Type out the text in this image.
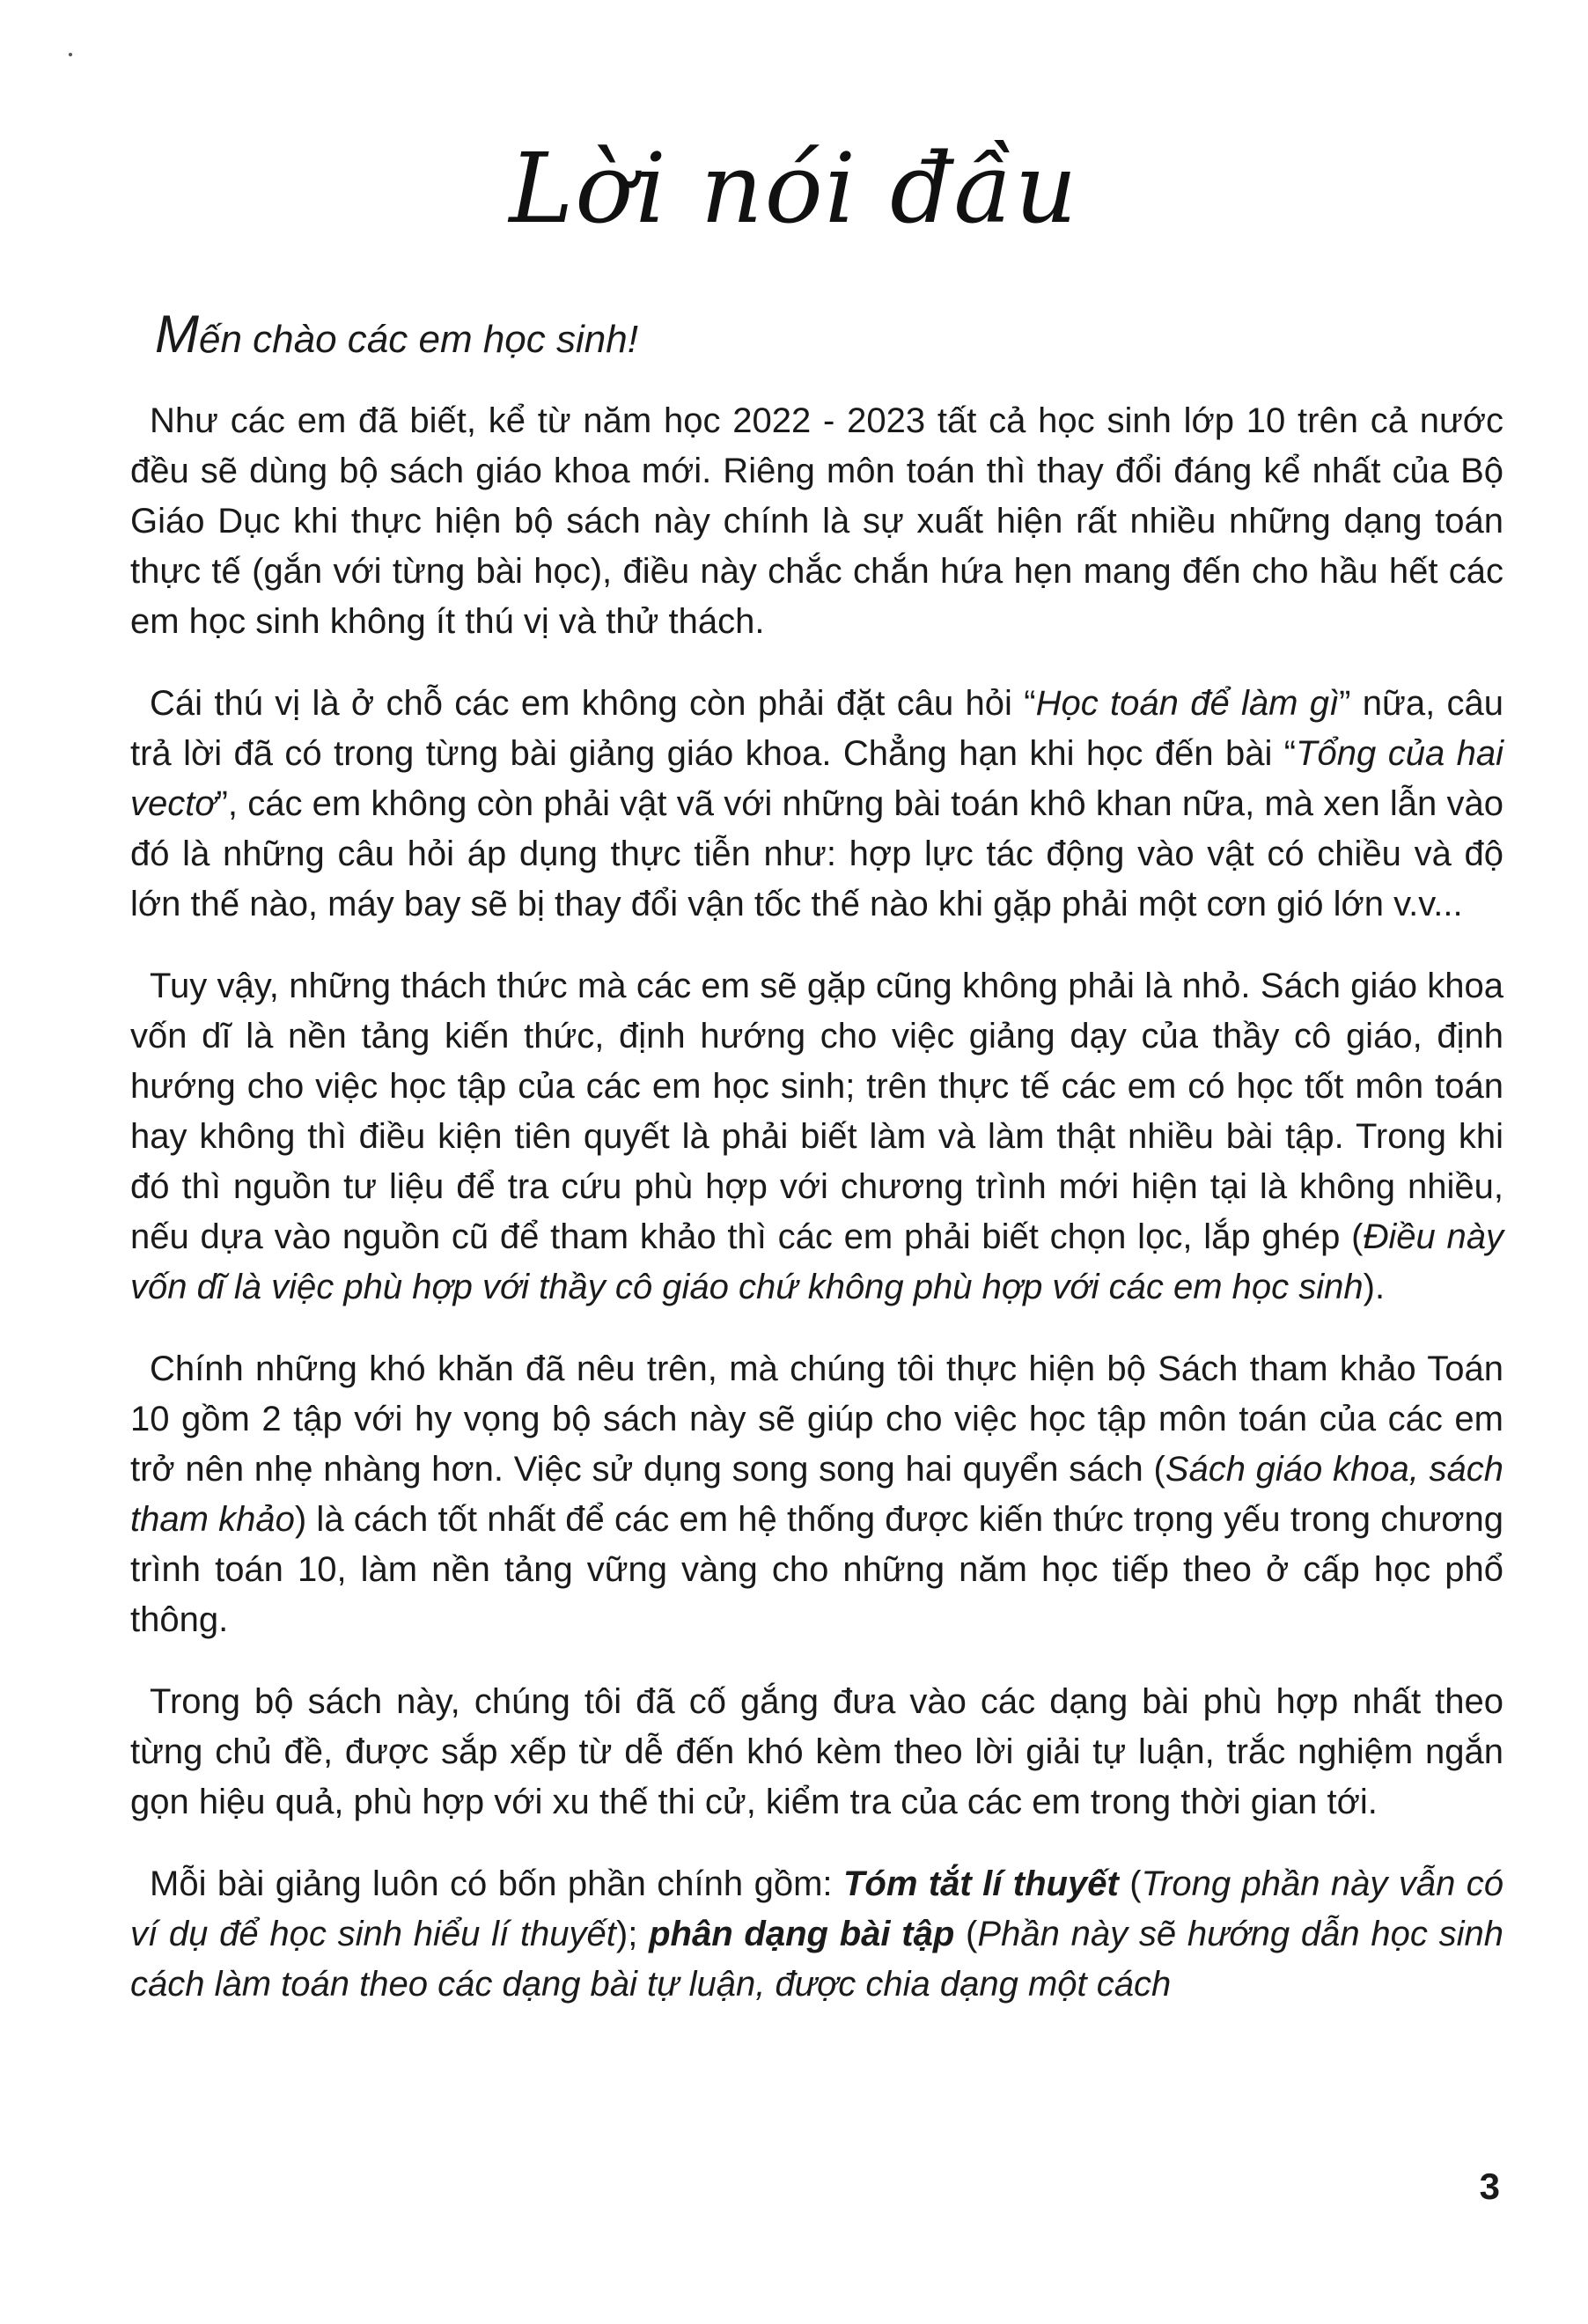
Lời nói đầu

Mến chào các em học sinh!

Như các em đã biết, kể từ năm học 2022 - 2023 tất cả học sinh lớp 10 trên cả nước đều sẽ dùng bộ sách giáo khoa mới. Riêng môn toán thì thay đổi đáng kể nhất của Bộ Giáo Dục khi thực hiện bộ sách này chính là sự xuất hiện rất nhiều những dạng toán thực tế (gắn với từng bài học), điều này chắc chắn hứa hẹn mang đến cho hầu hết các em học sinh không ít thú vị và thử thách.

Cái thú vị là ở chỗ các em không còn phải đặt câu hỏi “Học toán để làm gì” nữa, câu trả lời đã có trong từng bài giảng giáo khoa. Chẳng hạn khi học đến bài “Tổng của hai vectơ”, các em không còn phải vật vã với những bài toán khô khan nữa, mà xen lẫn vào đó là những câu hỏi áp dụng thực tiễn như: hợp lực tác động vào vật có chiều và độ lớn thế nào, máy bay sẽ bị thay đổi vận tốc thế nào khi gặp phải một cơn gió lớn v.v...

Tuy vậy, những thách thức mà các em sẽ gặp cũng không phải là nhỏ. Sách giáo khoa vốn dĩ là nền tảng kiến thức, định hướng cho việc giảng dạy của thầy cô giáo, định hướng cho việc học tập của các em học sinh; trên thực tế các em có học tốt môn toán hay không thì điều kiện tiên quyết là phải biết làm và làm thật nhiều bài tập. Trong khi đó thì nguồn tư liệu để tra cứu phù hợp với chương trình mới hiện tại là không nhiều, nếu dựa vào nguồn cũ để tham khảo thì các em phải biết chọn lọc, lắp ghép (Điều này vốn dĩ là việc phù hợp với thầy cô giáo chứ không phù hợp với các em học sinh).

Chính những khó khăn đã nêu trên, mà chúng tôi thực hiện bộ Sách tham khảo Toán 10 gồm 2 tập với hy vọng bộ sách này sẽ giúp cho việc học tập môn toán của các em trở nên nhẹ nhàng hơn. Việc sử dụng song song hai quyển sách (Sách giáo khoa, sách tham khảo) là cách tốt nhất để các em hệ thống được kiến thức trọng yếu trong chương trình toán 10, làm nền tảng vững vàng cho những năm học tiếp theo ở cấp học phổ thông.

Trong bộ sách này, chúng tôi đã cố gắng đưa vào các dạng bài phù hợp nhất theo từng chủ đề, được sắp xếp từ dễ đến khó kèm theo lời giải tự luận, trắc nghiệm ngắn gọn hiệu quả, phù hợp với xu thế thi cử, kiểm tra của các em trong thời gian tới.

Mỗi bài giảng luôn có bốn phần chính gồm: Tóm tắt lí thuyết (Trong phần này vẫn có ví dụ để học sinh hiểu lí thuyết); phân dạng bài tập (Phần này sẽ hướng dẫn học sinh cách làm toán theo các dạng bài tự luận, được chia dạng một cách

3
